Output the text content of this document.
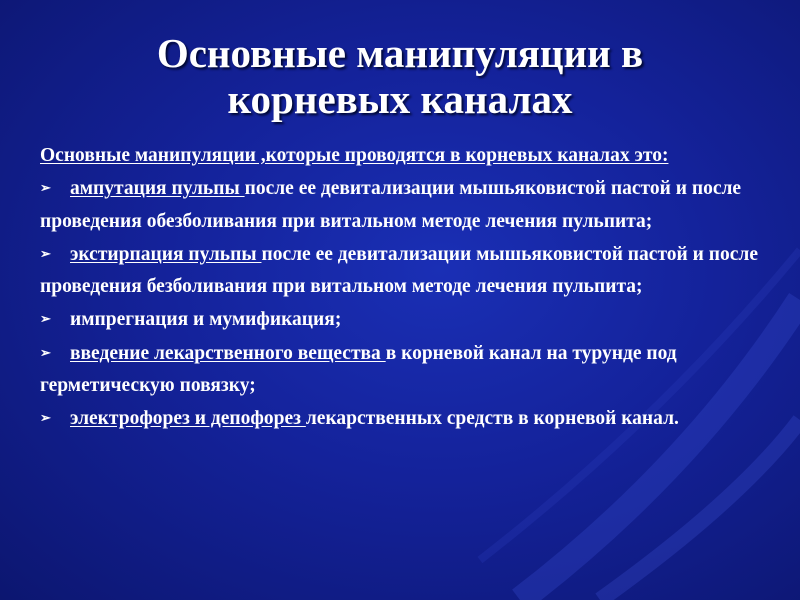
Основные манипуляции в
корневых каналах

Основные манипуляции ,которые проводятся в корневых каналах это:

➢ ампутация пульпы после ее девитализации мышьяковистой пастой и после проведения обезболивания при витальном методе лечения пульпита;

➢ экстирпация пульпы после ее девитализации мышьяковистой пастой и после проведения безболивания при витальном методе лечения пульпита;

➢ импрегнация и мумификация;

➢ введение лекарственного вещества в корневой канал на турунде под герметическую повязку;

➢ электрофорез и депофорез лекарственных средств в корневой канал.
